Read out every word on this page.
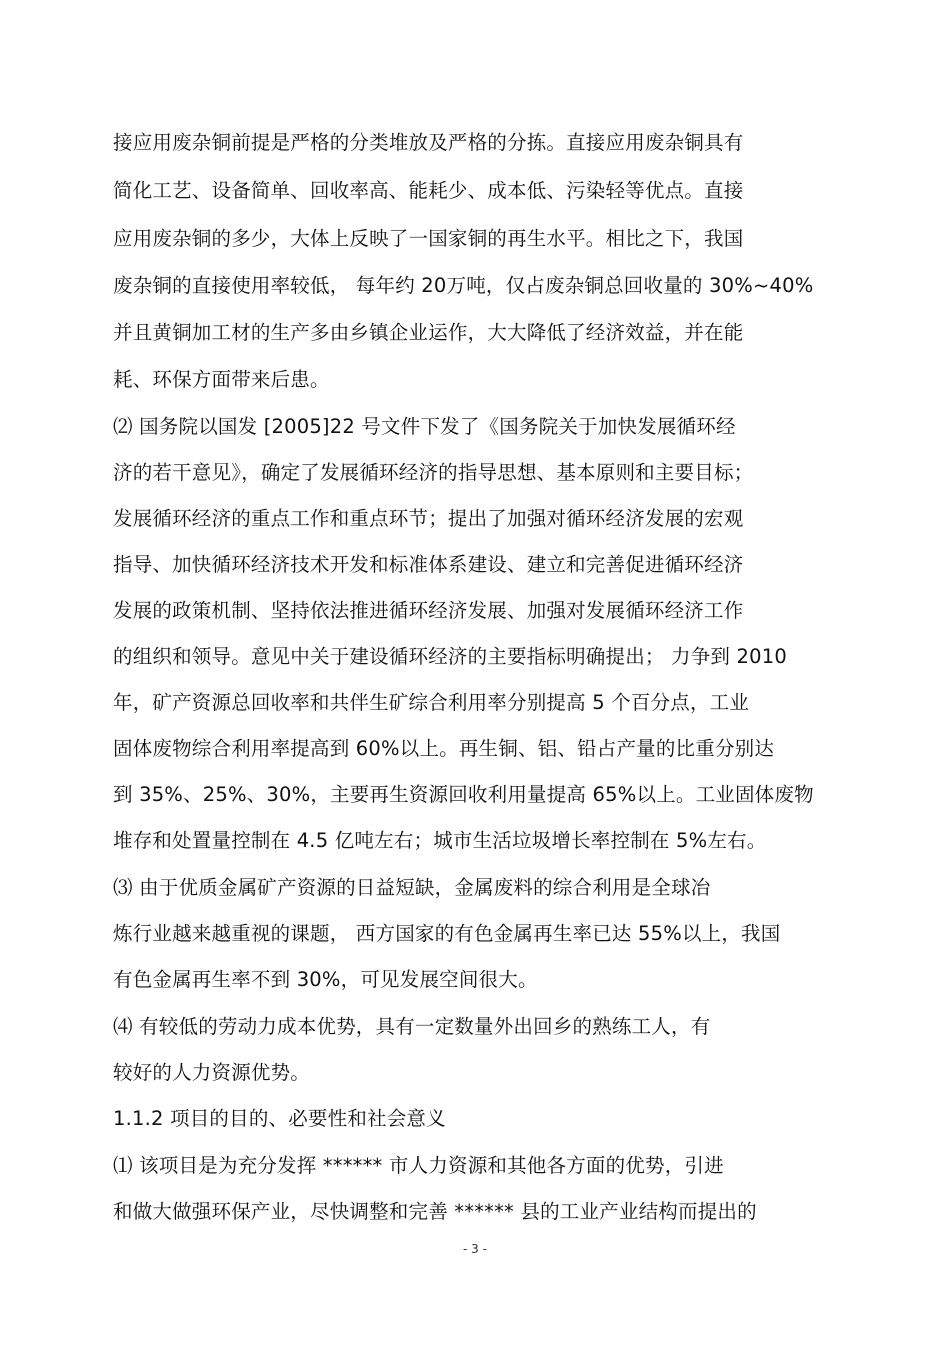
接应用废杂铜前提是严格的分类堆放及严格的分拣。直接应用废杂铜具有
简化工艺、设备简单、回收率高、能耗少、成本低、污染轻等优点。直接
应用废杂铜的多少，大体上反映了一国家铜的再生水平。相比之下，我国
废杂铜的直接使用率较低， 每年约 20万吨，仅占废杂铜总回收量的 30%~40%
并且黄铜加工材的生产多由乡镇企业运作，大大降低了经济效益，并在能
耗、环保方面带来后患。
⑵ 国务院以国发 [2005]22 号文件下发了《国务院关于加快发展循环经
济的若干意见》，确定了发展循环经济的指导思想、基本原则和主要目标；
发展循环经济的重点工作和重点环节；提出了加强对循环经济发展的宏观
指导、加快循环经济技术开发和标准体系建设、建立和完善促进循环经济
发展的政策机制、坚持依法推进循环经济发展、加强对发展循环经济工作
的组织和领导。意见中关于建设循环经济的主要指标明确提出； 力争到 2010
年，矿产资源总回收率和共伴生矿综合利用率分别提高 5 个百分点，工业
固体废物综合利用率提高到 60%以上。再生铜、铝、铅占产量的比重分别达
到 35%、25%、30%，主要再生资源回收利用量提高 65%以上。工业固体废物
堆存和处置量控制在 4.5 亿吨左右；城市生活垃圾增长率控制在 5%左右。
⑶ 由于优质金属矿产资源的日益短缺，金属废料的综合利用是全球冶
炼行业越来越重视的课题， 西方国家的有色金属再生率已达 55%以上，我国
有色金属再生率不到 30%，可见发展空间很大。
⑷ 有较低的劳动力成本优势，具有一定数量外出回乡的熟练工人，有
较好的人力资源优势。
1.1.2 项目的目的、必要性和社会意义
⑴ 该项目是为充分发挥 ****** 市人力资源和其他各方面的优势，引进
和做大做强环保产业，尽快调整和完善 ****** 县的工业产业结构而提出的
- 3 -
